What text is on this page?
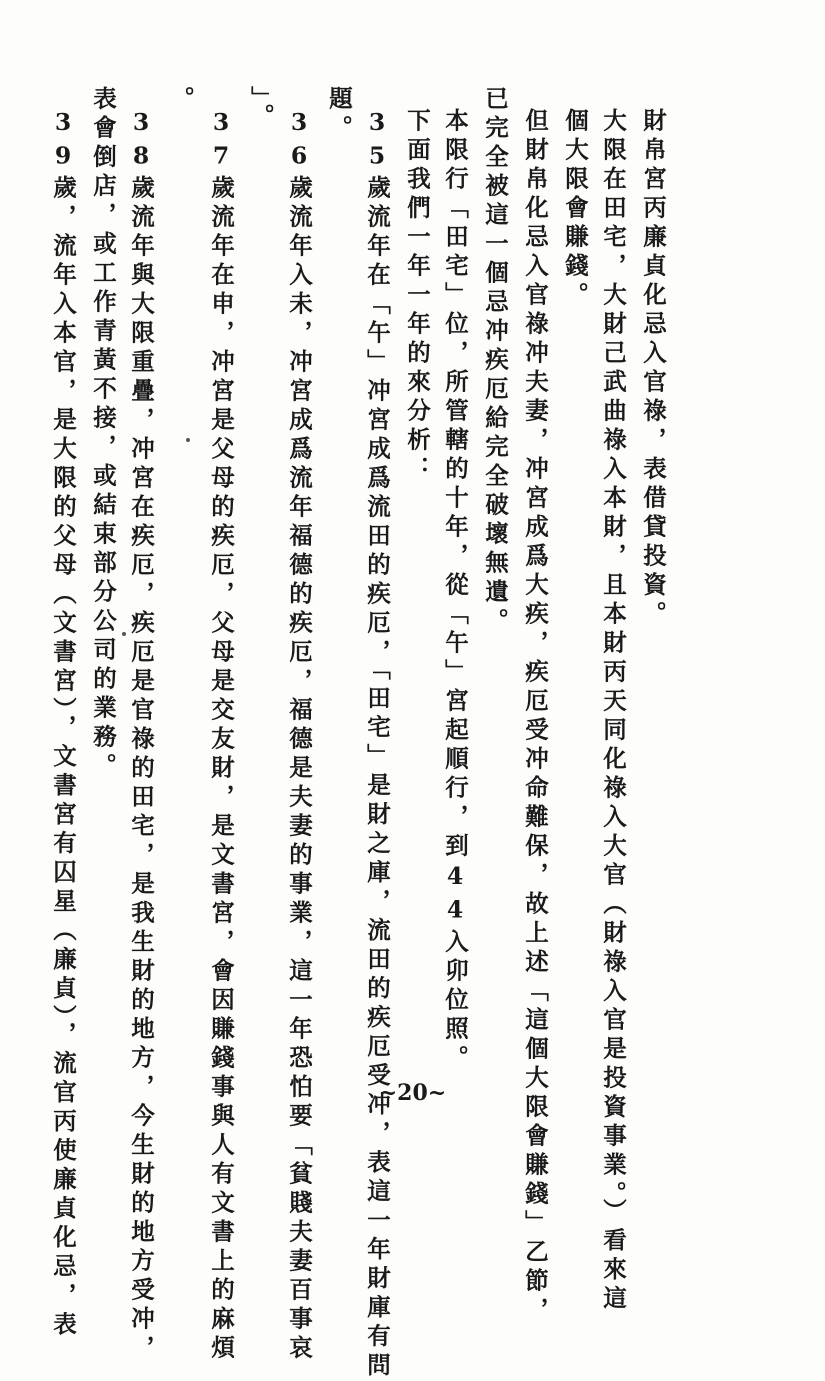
財帛宮丙廉貞化忌入官祿，表借貸投資。
大限在田宅，大財己武曲祿入本財，且本財丙天同化祿入大官（財祿入官是投資事業。）看來這
個大限會賺錢。
但財帛化忌入官祿冲夫妻，冲宮成爲大疾，疾厄受冲命難保，故上述「這個大限會賺錢」乙節，
已完全被這一個忌冲疾厄給完全破壞無遺。
本限行「田宅」位，所管轄的十年，從「午」宮起順行，到44入卯位照。
下面我們一年一年的來分析：
35歲流年在「午」冲宮成爲流田的疾厄，「田宅」是財之庫，流田的疾厄受冲，表這一年財庫有問
題。
36歲流年入未，冲宮成爲流年福德的疾厄，福德是夫妻的事業，這一年恐怕要「貧賤夫妻百事哀
」。
37歲流年在申，冲宮是父母的疾厄，父母是交友財，是文書宮，會因賺錢事與人有文書上的麻煩
。
38歲流年與大限重疊，冲宮在疾厄，疾厄是官祿的田宅，是我生財的地方，今生財的地方受冲，
表會倒店，或工作青黃不接，或結束部分公司的業務。
39歲，流年入本官，是大限的父母（文書宮），文書宮有囚星（廉貞），流官丙使廉貞化忌，表	~20~
